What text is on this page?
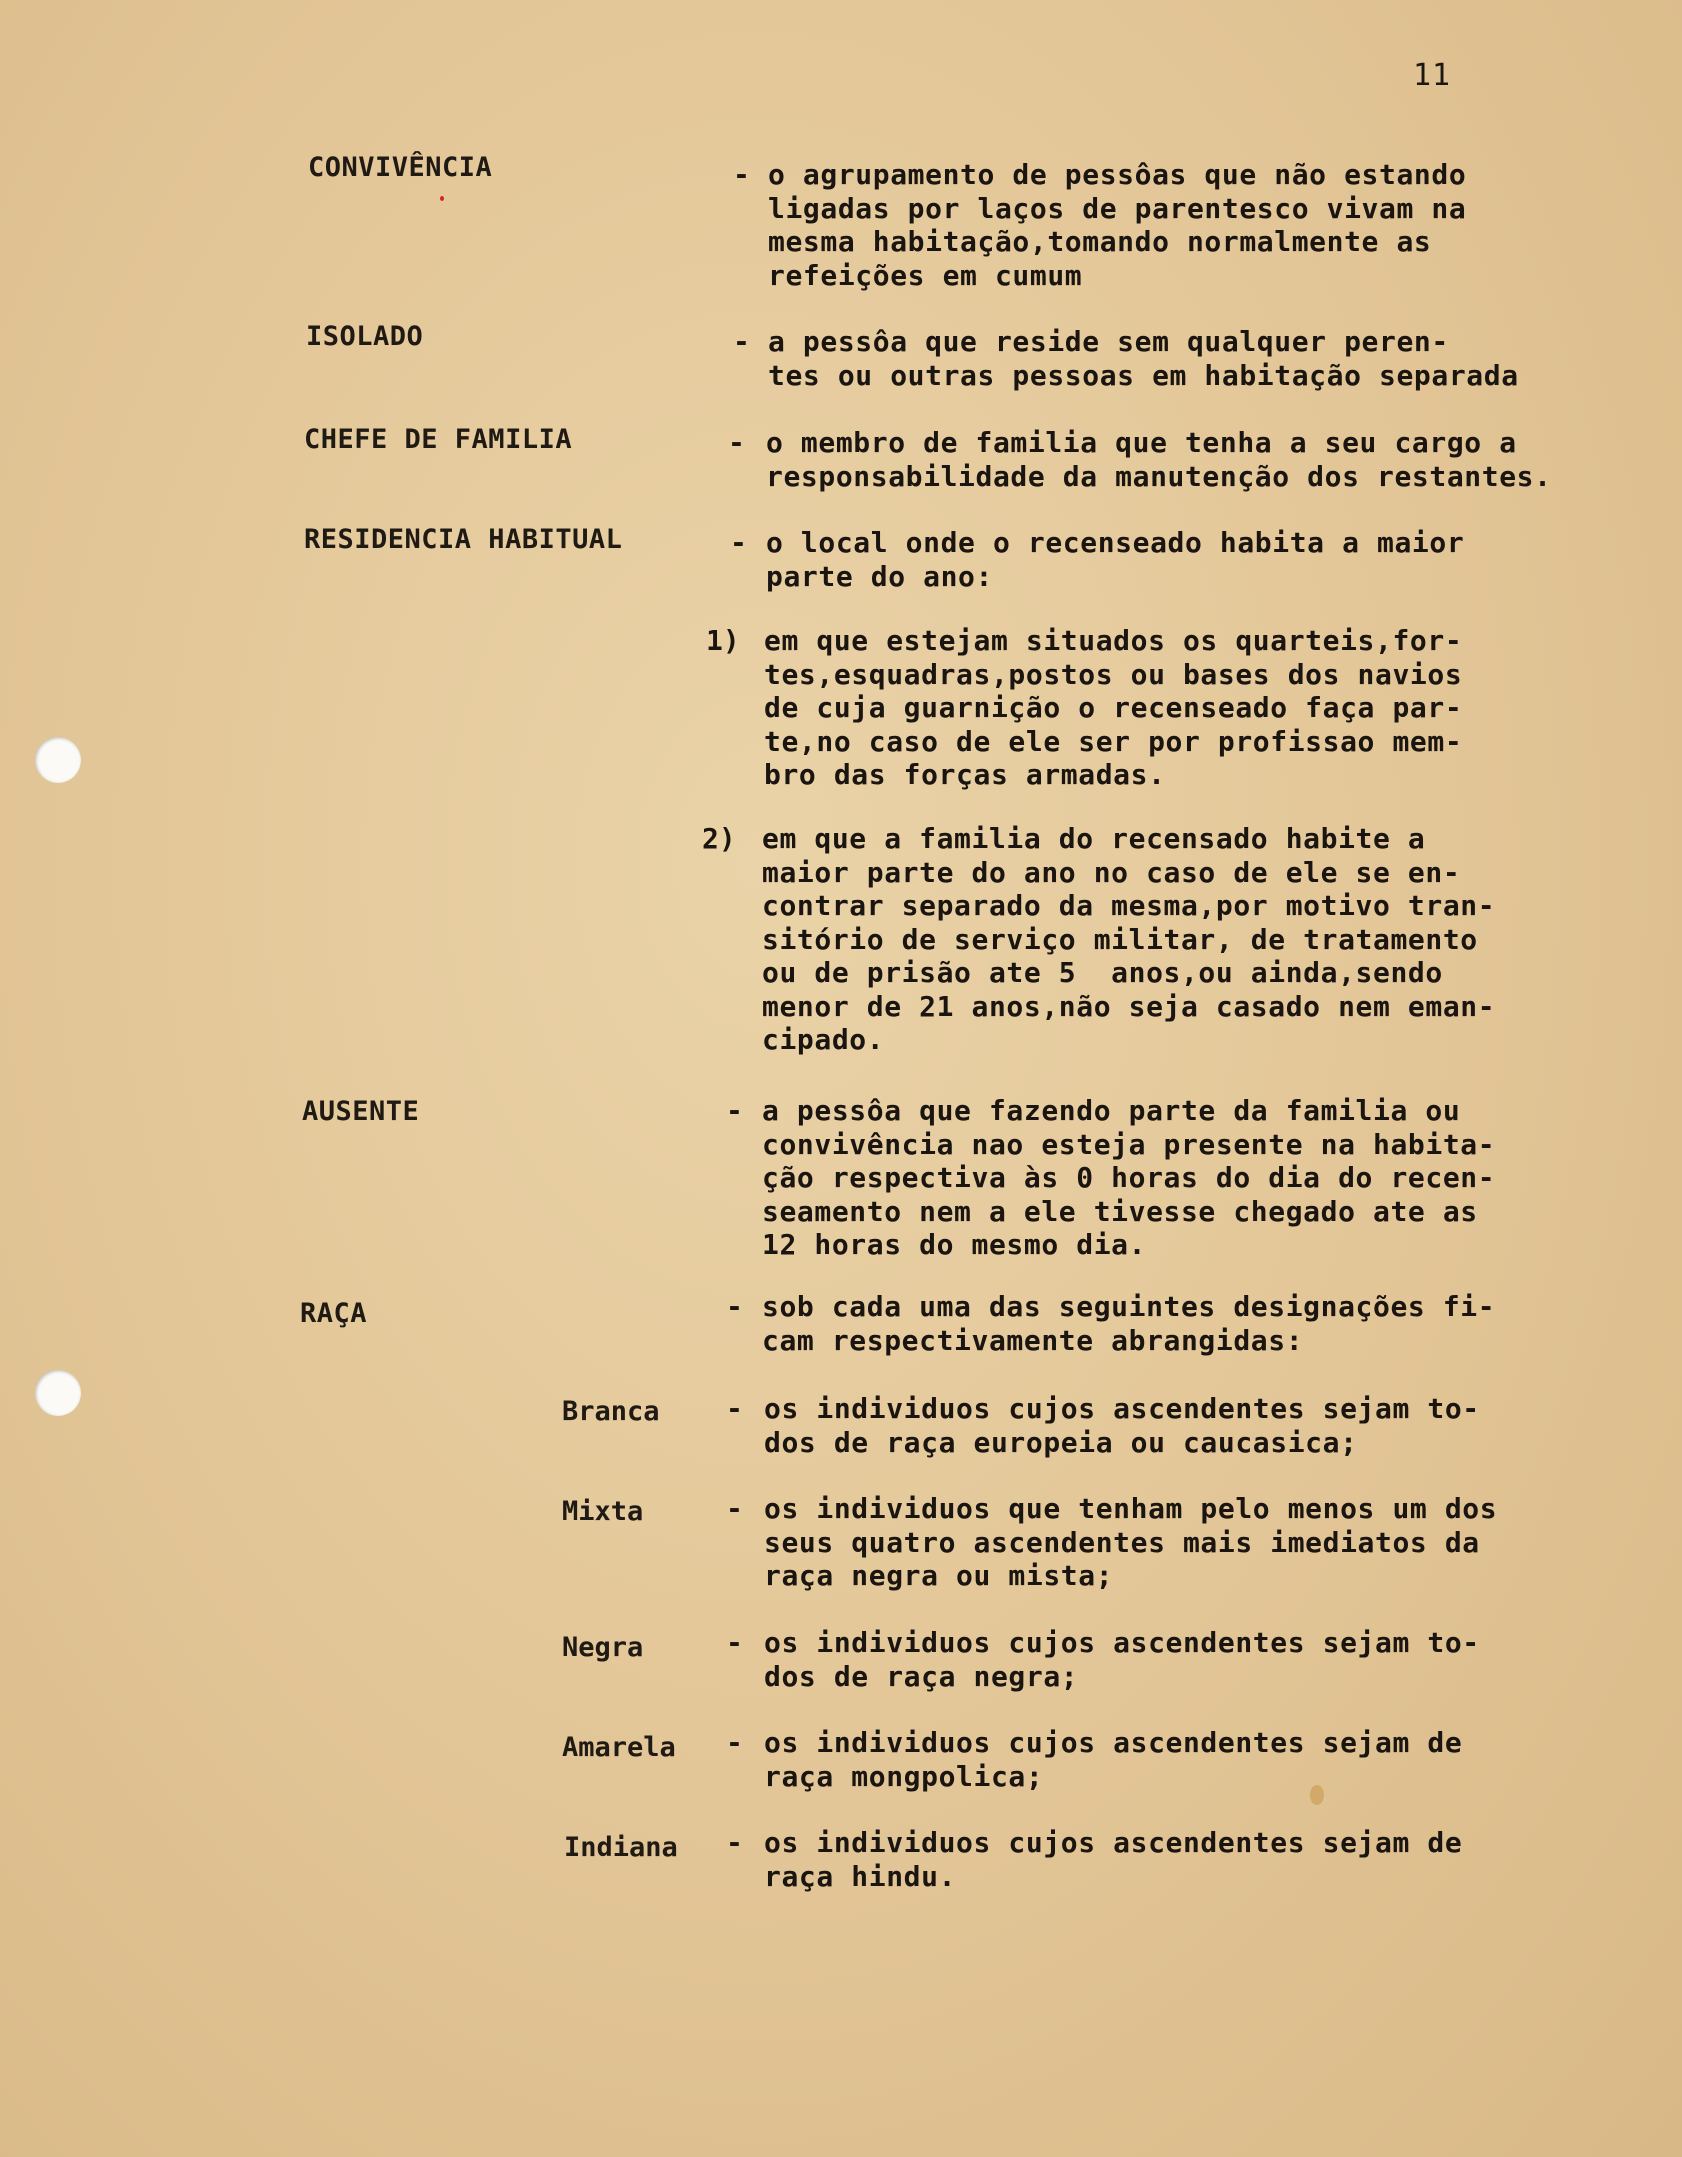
11
CONVIVÊNCIA	- o agrupamento de pessôas que não estando
ligadas por laços de parentesco vivam na
mesma habitação,tomando normalmente as
refeições em cumum
ISOLADO	- a pessôa que reside sem qualquer peren-
tes ou outras pessoas em habitação separada
CHEFE DE FAMILIA	- o membro de familia que tenha a seu cargo a
responsabilidade da manutenção dos restantes.
RESIDENCIA HABITUAL	- o local onde o recenseado habita a maior
parte do ano:
1) em que estejam situados os quarteis,for-
tes,esquadras,postos ou bases dos navios
de cuja guarnição o recenseado faça par-
te,no caso de ele ser por profissao mem-
bro das forças armadas.
2) em que a familia do recensado habite a
maior parte do ano no caso de ele se en-
contrar separado da mesma,por motivo tran-
sitório de serviço militar, de tratamento
ou de prisão ate 5  anos,ou ainda,sendo
menor de 21 anos,não seja casado nem eman-
cipado.
AUSENTE	- a pessôa que fazendo parte da familia ou
convivência nao esteja presente na habita-
ção respectiva às 0 horas do dia do recen-
seamento nem a ele tivesse chegado ate as
12 horas do mesmo dia.
RAÇA	- sob cada uma das seguintes designações fi-
cam respectivamente abrangidas:
Branca - os individuos cujos ascendentes sejam to-
dos de raça europeia ou caucasica;
Mixta	- os individuos que tenham pelo menos um dos
seus quatro ascendentes mais imediatos da
raça negra ou mista;
Negra	- os individuos cujos ascendentes sejam to-
dos de raça negra;
Amarela - os individuos cujos ascendentes sejam de
raça mongpolica;
Indiana - os individuos cujos ascendentes sejam de
raça hindu.
